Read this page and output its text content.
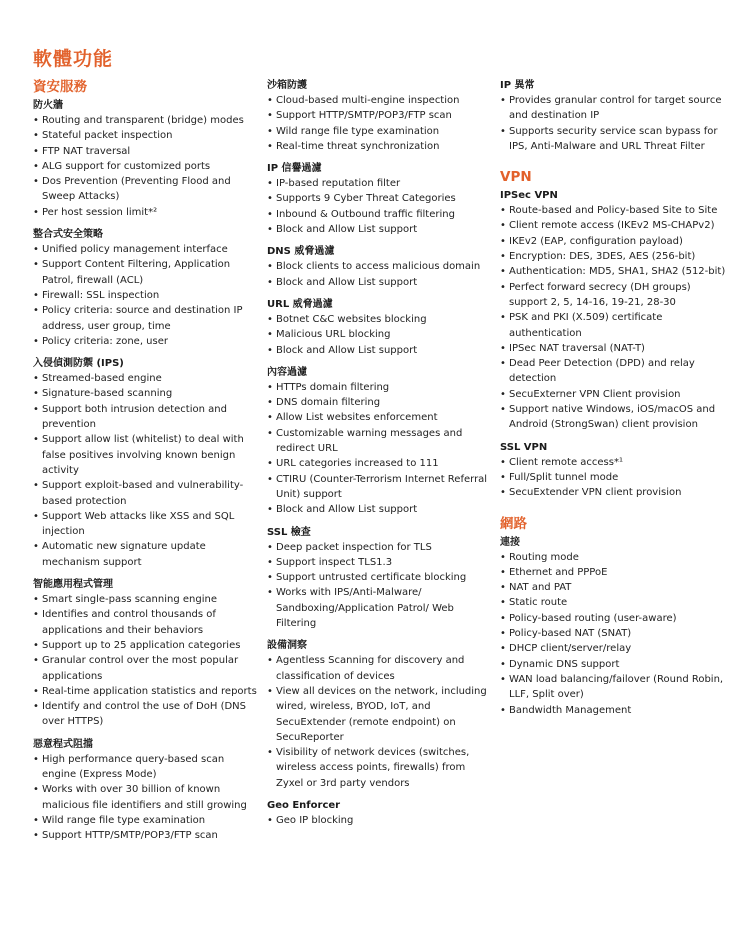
軟體功能
資安服務
防火牆
• Routing and transparent (bridge) modes
• Stateful packet inspection
• FTP NAT traversal
• ALG support for customized ports
• Dos Prevention (Preventing Flood and Sweep Attacks)
• Per host session limit*²
整合式安全策略
• Unified policy management interface
• Support Content Filtering, Application Patrol, firewall (ACL)
• Firewall: SSL inspection
• Policy criteria: source and destination IP address, user group, time
• Policy criteria: zone, user
入侵偵測防禦 (IPS)
• Streamed-based engine
• Signature-based scanning
• Support both intrusion detection and prevention
• Support allow list (whitelist) to deal with false positives involving known benign activity
• Support exploit-based and vulnerability-based protection
• Support Web attacks like XSS and SQL injection
• Automatic new signature update mechanism support
智能應用程式管理
• Smart single-pass scanning engine
• Identifies and control thousands of applications and their behaviors
• Support up to 25 application categories
• Granular control over the most popular applications
• Real-time application statistics and reports
• Identify and control the use of DoH (DNS over HTTPS)
惡意程式阻擋
• High performance query-based scan engine (Express Mode)
• Works with over 30 billion of known malicious file identifiers and still growing
• Wild range file type examination
• Support HTTP/SMTP/POP3/FTP scan
沙箱防護
• Cloud-based multi-engine inspection
• Support HTTP/SMTP/POP3/FTP scan
• Wild range file type examination
• Real-time threat synchronization
IP 信譽過濾
• IP-based reputation filter
• Supports 9 Cyber Threat Categories
• Inbound & Outbound traffic filtering
• Block and Allow List support
DNS 威脅過濾
• Block clients to access malicious domain
• Block and Allow List support
URL 威脅過濾
• Botnet C&C websites blocking
• Malicious URL blocking
• Block and Allow List support
內容過濾
• HTTPs domain filtering
• DNS domain filtering
• Allow List websites enforcement
• Customizable warning messages and redirect URL
• URL categories increased to 111
• CTIRU (Counter-Terrorism Internet Referral Unit) support
• Block and Allow List support
SSL 檢查
• Deep packet inspection for TLS
• Support inspect TLS1.3
• Support untrusted certificate blocking
• Works with IPS/Anti-Malware/ Sandboxing/Application Patrol/ Web Filtering
設備洞察
• Agentless Scanning for discovery and classification of devices
• View all devices on the network, including wired, wireless, BYOD, IoT, and SecuExtender (remote endpoint) on SecuReporter
• Visibility of network devices (switches, wireless access points, firewalls) from Zyxel or 3rd party vendors
Geo Enforcer
• Geo IP blocking
IP 異常
• Provides granular control for target source and destination IP
• Supports security service scan bypass for IPS, Anti-Malware and URL Threat Filter
VPN
IPSec VPN
• Route-based and Policy-based Site to Site
• Client remote access (IKEv2 MS-CHAPv2)
• IKEv2 (EAP, configuration payload)
• Encryption: DES, 3DES, AES (256-bit)
• Authentication: MD5, SHA1, SHA2 (512-bit)
• Perfect forward secrecy (DH groups) support 2, 5, 14-16, 19-21, 28-30
• PSK and PKI (X.509) certificate authentication
• IPSec NAT traversal (NAT-T)
• Dead Peer Detection (DPD) and relay detection
• SecuExterner VPN Client provision
• Support native Windows, iOS/macOS and Android (StrongSwan) client provision
SSL VPN
• Client remote access*¹
• Full/Split tunnel mode
• SecuExtender VPN client provision
網路
連接
• Routing mode
• Ethernet and PPPoE
• NAT and PAT
• Static route
• Policy-based routing (user-aware)
• Policy-based NAT (SNAT)
• DHCP client/server/relay
• Dynamic DNS support
• WAN load balancing/failover (Round Robin, LLF, Split over)
• Bandwidth Management
